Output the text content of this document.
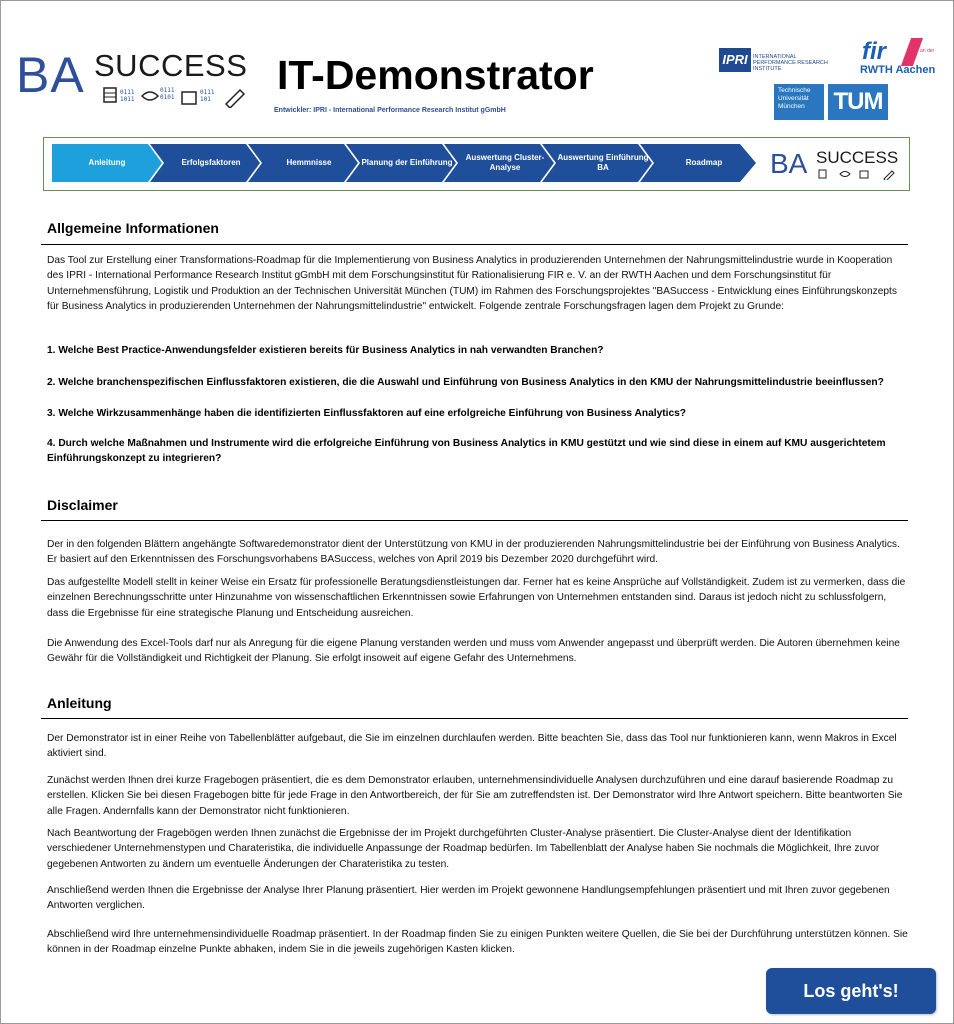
BA SUCCESS
0111
1011
0111
0101
0111
101
IT-Demonstrator
Entwickler: IPRI - International Performance Research Institut gGmbH
IPRI INTERNATIONAL PERFORMANCE RESEARCH INSTITUTE
fir	an der
RWTH Aachen
Technische Universität München	TUM
Anleitung	Erfolgsfaktoren	Hemmnisse	Planung der Einführung
Auswertung Cluster-Analyse
Auswertung Einführung BA
Roadmap	BA SUCCESS
Allgemeine Informationen
Das Tool zur Erstellung einer Transformations-Roadmap für die Implementierung von Business Analytics in produzierenden Unternehmen der Nahrungsmittelindustrie wurde in Kooperation des IPRI - International Performance Research Institut gGmbH mit dem Forschungsinstitut für Rationalisierung FIR e. V. an der RWTH Aachen und dem Forschungsinstitut für Unternehmensführung, Logistik und Produktion an der Technischen Universität München (TUM) im Rahmen des Forschungsprojektes "BASuccess - Entwicklung eines Einführungskonzepts für Business Analytics in produzierenden Unternehmen der Nahrungsmittelindustrie" entwickelt. Folgende zentrale Forschungsfragen lagen dem Projekt zu Grunde:
1. Welche Best Practice-Anwendungsfelder existieren bereits für Business Analytics in nah verwandten Branchen?
2. Welche branchenspezifischen Einflussfaktoren existieren, die die Auswahl und Einführung von Business Analytics in den KMU der Nahrungsmittelindustrie beeinflussen?
3. Welche Wirkzusammenhänge haben die identifizierten Einflussfaktoren auf eine erfolgreiche Einführung von Business Analytics?
4. Durch welche Maßnahmen und Instrumente wird die erfolgreiche Einführung von Business Analytics in KMU gestützt und wie sind diese in einem auf KMU ausgerichtetem Einführungskonzept zu integrieren?
Disclaimer
Der in den folgenden Blättern angehängte Softwaredemonstrator dient der Unterstützung von KMU in der produzierenden Nahrungsmittelindustrie bei der Einführung von Business Analytics. Er basiert auf den Erkenntnissen des Forschungsvorhabens BASuccess, welches von April 2019 bis Dezember 2020 durchgeführt wird.
Das aufgestellte Modell stellt in keiner Weise ein Ersatz für professionelle Beratungsdienstleistungen dar. Ferner hat es keine Ansprüche auf Vollständigkeit. Zudem ist zu vermerken, dass die einzelnen Berechnungsschritte unter Hinzunahme von wissenschaftlichen Erkenntnissen sowie Erfahrungen von Unternehmen entstanden sind. Daraus ist jedoch nicht zu schlussfolgern, dass die Ergebnisse für eine strategische Planung und Entscheidung ausreichen.
Die Anwendung des Excel-Tools darf nur als Anregung für die eigene Planung verstanden werden und muss vom Anwender angepasst und überprüft werden. Die Autoren übernehmen keine Gewähr für die Vollständigkeit und Richtigkeit der Planung. Sie erfolgt insoweit auf eigene Gefahr des Unternehmens.
Anleitung
Der Demonstrator ist in einer Reihe von Tabellenblätter aufgebaut, die Sie im einzelnen durchlaufen werden. Bitte beachten Sie, dass das Tool nur funktionieren kann, wenn Makros in Excel aktiviert sind.
Zunächst werden Ihnen drei kurze Fragebogen präsentiert, die es dem Demonstrator erlauben, unternehmensindividuelle Analysen durchzuführen und eine darauf basierende Roadmap zu erstellen. Klicken Sie bei diesen Fragebogen bitte für jede Frage in den Antwortbereich, der für Sie am zutreffendsten ist. Der Demonstrator wird Ihre Antwort speichern. Bitte beantworten Sie alle Fragen. Andernfalls kann der Demonstrator nicht funktionieren.
Nach Beantwortung der Fragebögen werden Ihnen zunächst die Ergebnisse der im Projekt durchgeführten Cluster-Analyse präsentiert. Die Cluster-Analyse dient der Identifikation verschiedener Unternehmenstypen und Charateristika, die individuelle Anpassunge der Roadmap bedürfen. Im Tabellenblatt der Analyse haben Sie nochmals die Möglichkeit, Ihre zuvor gegebenen Antworten zu ändern um eventuelle Änderungen der Charateristika zu testen.
Anschließend werden Ihnen die Ergebnisse der Analyse Ihrer Planung präsentiert. Hier werden im Projekt gewonnene Handlungsempfehlungen präsentiert und mit Ihren zuvor gegebenen Antworten verglichen.
Abschließend wird Ihre unternehmensindividuelle Roadmap präsentiert. In der Roadmap finden Sie zu einigen Punkten weitere Quellen, die Sie bei der Durchführung unterstützen können. Sie können in der Roadmap einzelne Punkte abhaken, indem Sie in die jeweils zugehörigen Kasten klicken.
Los geht's!
